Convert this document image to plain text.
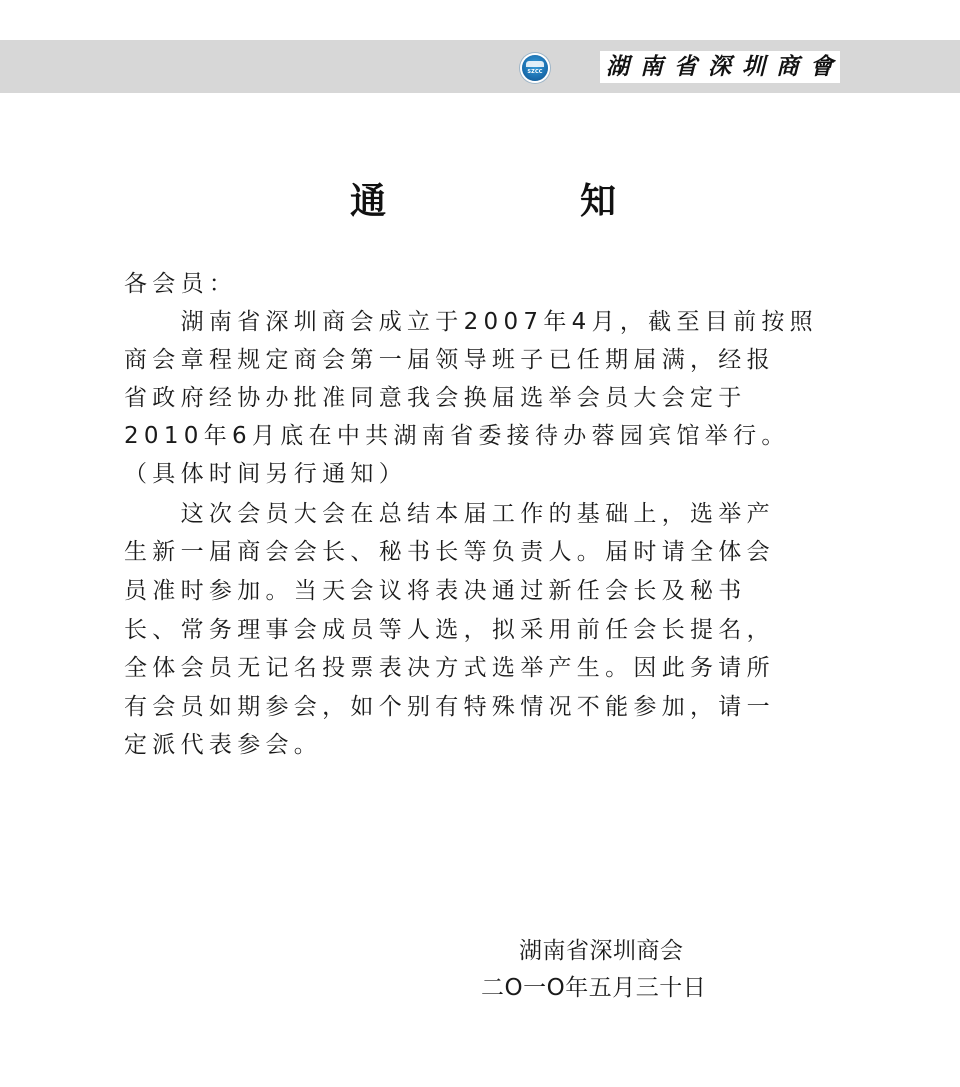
SZCC	湖南省深圳商會
通	知
各会员：
　　湖南省深圳商会成立于2007年4月，截至目前按照
商会章程规定商会第一届领导班子已任期届满，经报
省政府经协办批准同意我会换届选举会员大会定于
2010年6月底在中共湖南省委接待办蓉园宾馆举行。
（具体时间另行通知）
　　这次会员大会在总结本届工作的基础上，选举产
生新一届商会会长、秘书长等负责人。届时请全体会
员准时参加。当天会议将表决通过新任会长及秘书
长、常务理事会成员等人选，拟采用前任会长提名，
全体会员无记名投票表决方式选举产生。因此务请所
有会员如期参会，如个别有特殊情况不能参加，请一
定派代表参会。
湖南省深圳商会
二O一O年五月三十日
